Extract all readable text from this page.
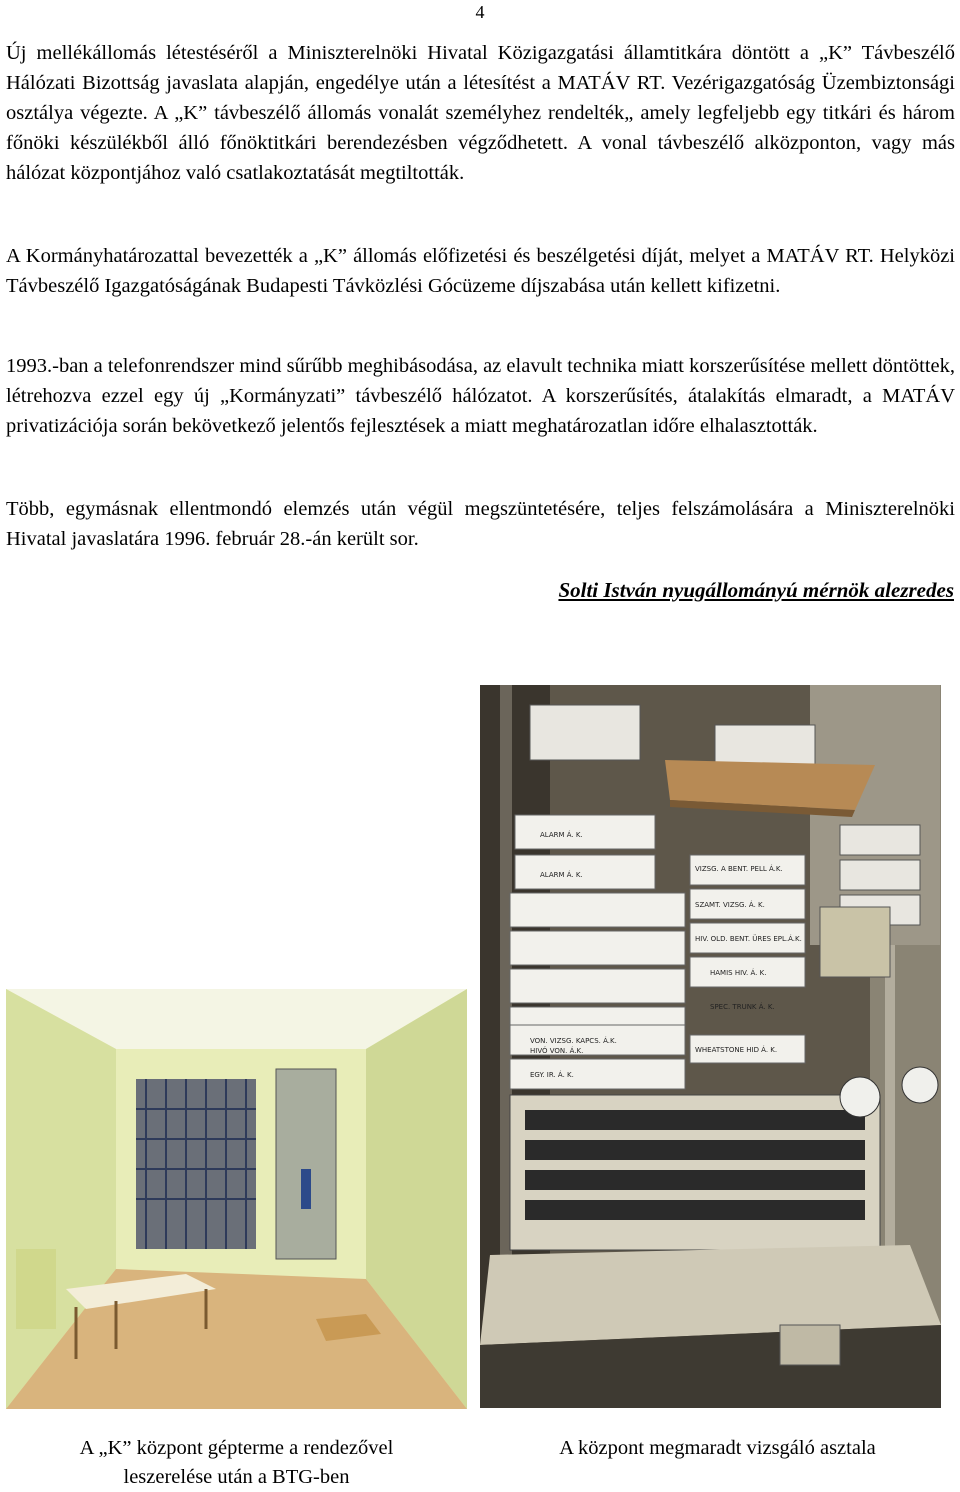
4

Új mellékállomás létestéséről a Miniszterelnöki Hivatal Közigazgatási államtitkára döntött a „K” Távbeszélő Hálózati Bizottság javaslata alapján, engedélye után a létesítést a MATÁV RT. Vezérigazgatóság Üzembiztonsági osztálya végezte. A „K” távbeszélő állomás vonalát személyhez rendelték„ amely legfeljebb egy titkári és három főnöki készülékből álló főnöktitkári berendezésben végződhetett. A vonal távbeszélő alközponton, vagy más hálózat központjához való csatlakoztatását megtiltották.

A Kormányhatározattal bevezették a „K” állomás előfizetési és beszélgetési díját, melyet a MATÁV RT. Helyközi Távbeszélő Igazgatóságának Budapesti Távközlési Gócüzeme díjszabása után kellett kifizetni.

1993.-ban a telefonrendszer mind sűrűbb meghibásodása, az elavult technika miatt korszerűsítése mellett döntöttek, létrehozva ezzel egy új „Kormányzati” távbeszélő hálózatot. A korszerűsítés, átalakítás elmaradt, a MATÁV privatizációja során bekövetkező jelentős fejlesztések a miatt meghatározatlan időre elhalasztották.

Több, egymásnak ellentmondó elemzés után végül megszüntetésére, teljes felszámolására a Miniszterelnöki Hivatal javaslatára 1996. február 28.-án került sor.

Solti István nyugállományú mérnök alezredes
ALARM Á. K.
ALARM Á. K.
VIZSG. A BENT. PELL Á.K.
SZAMT. VIZSG. Á. K.
HIV. OLD. BENT. ÜRES EPL.Á.K.
HAMIS HIV. Á. K.
SPEC. TRUNK Á. K.
VON. VIZSG. KAPCS. Á.K.
HIVÓ VON. Á.K.	WHEATSTONE HID Á. K.
EGY. IR. Á. K.
A „K” központ gépterme a rendezővel
leszerelése után a BTG-ben
A központ megmaradt vizsgáló asztala
